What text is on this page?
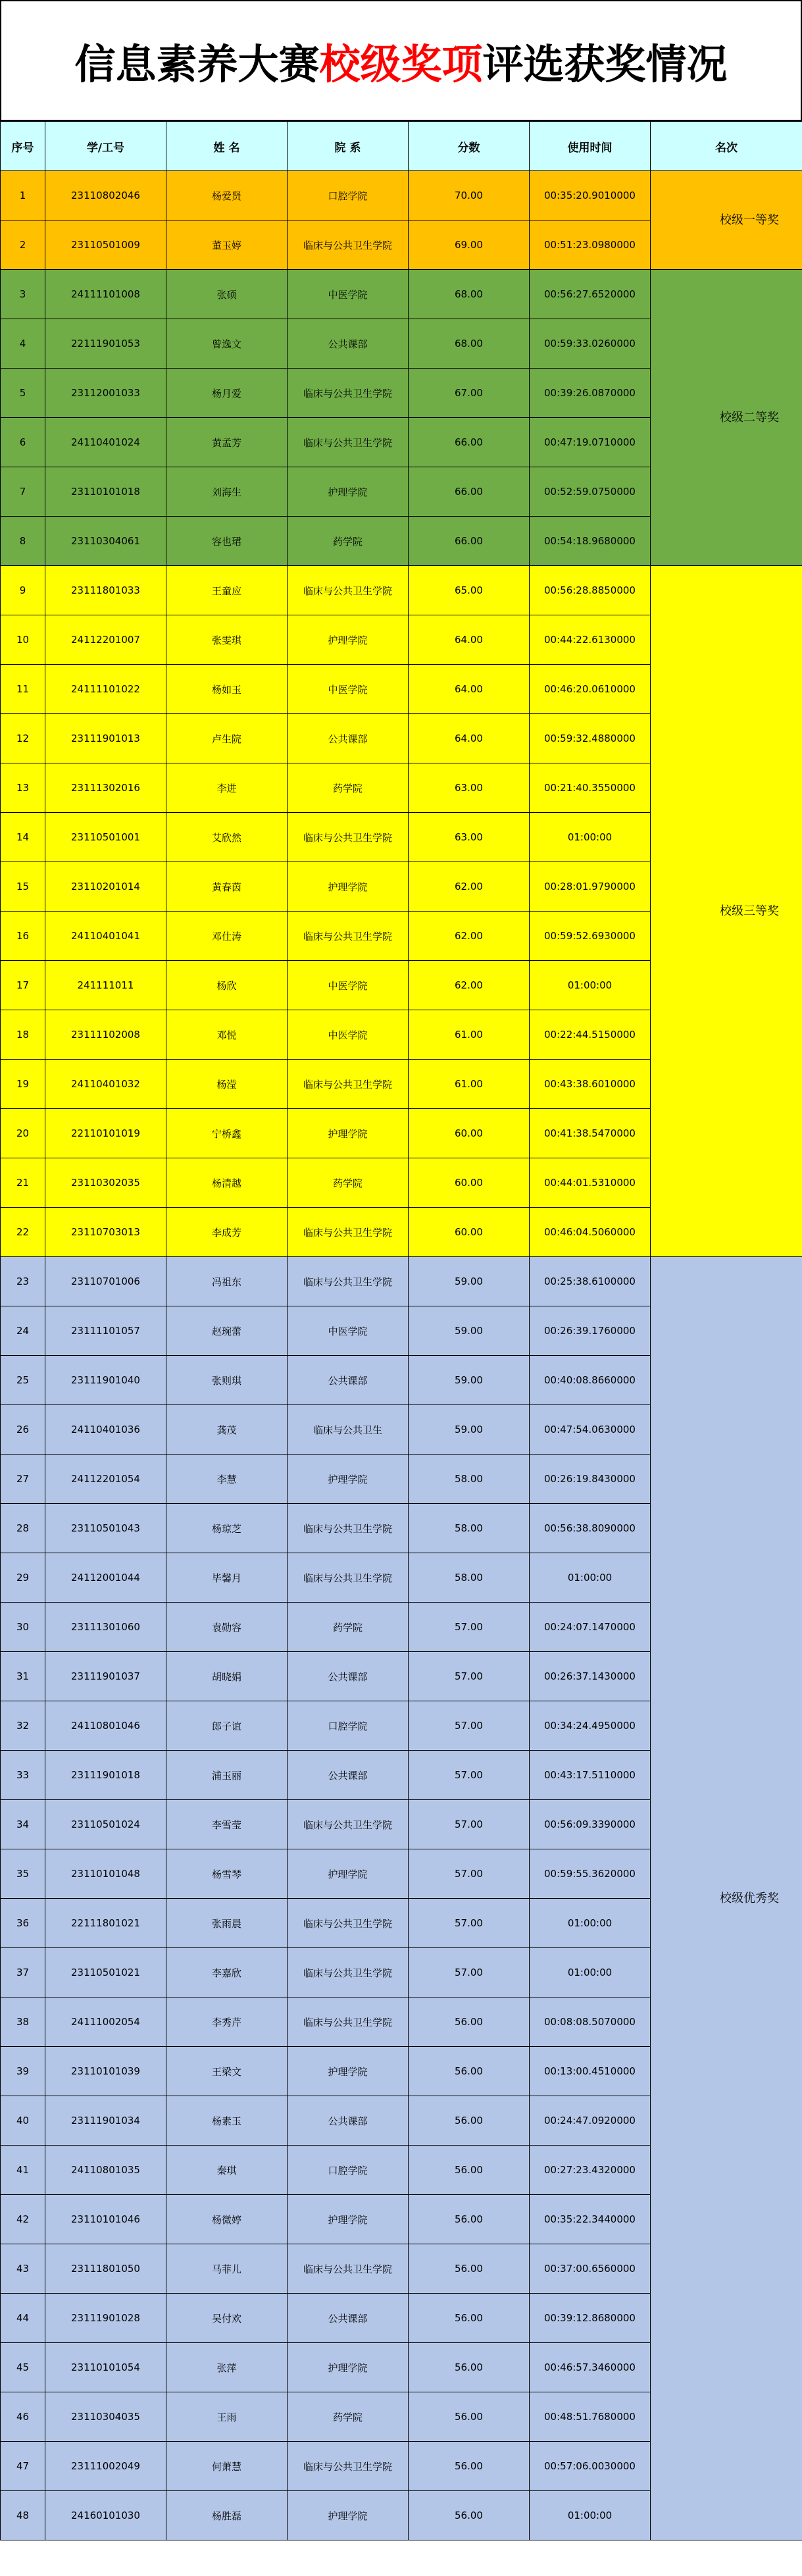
信息素养大赛 校级奖项 评选获奖情况
序号	学/工号	姓 名	院 系	分数	使用时间	名次
1	23110802046	杨爱贤	口腔学院	70.00	00:35:20.9010000	校级一等奖
2	23110501009	董玉婷	临床与公共卫生学院	69.00	00:51:23.0980000	
3	24111101008	张硕	中医学院	68.00	00:56:27.6520000	校级二等奖
4	22111901053	曾逸文	公共课部	68.00	00:59:33.0260000	
5	23112001033	杨月爱	临床与公共卫生学院	67.00	00:39:26.0870000	
6	24110401024	黄孟芳	临床与公共卫生学院	66.00	00:47:19.0710000	
7	23110101018	刘海生	护理学院	66.00	00:52:59.0750000	
8	23110304061	容也珺	药学院	66.00	00:54:18.9680000	
9	23111801033	王童应	临床与公共卫生学院	65.00	00:56:28.8850000	校级三等奖
10	24112201007	张雯琪	护理学院	64.00	00:44:22.6130000	
11	24111101022	杨如玉	中医学院	64.00	00:46:20.0610000	
12	23111901013	卢生院	公共课部	64.00	00:59:32.4880000	
13	23111302016	李进	药学院	63.00	00:21:40.3550000	
14	23110501001	艾欣然	临床与公共卫生学院	63.00	01:00:00	
15	23110201014	黄春茵	护理学院	62.00	00:28:01.9790000	
16	24110401041	邓仕涛	临床与公共卫生学院	62.00	00:59:52.6930000	
17	241111011	杨欣	中医学院	62.00	01:00:00	
18	23111102008	邓悦	中医学院	61.00	00:22:44.5150000	
19	24110401032	杨滢	临床与公共卫生学院	61.00	00:43:38.6010000	
20	22110101019	宁桥鑫	护理学院	60.00	00:41:38.5470000	
21	23110302035	杨清越	药学院	60.00	00:44:01.5310000	
22	23110703013	李成芳	临床与公共卫生学院	60.00	00:46:04.5060000	
23	23110701006	冯祖东	临床与公共卫生学院	59.00	00:25:38.6100000	校级优秀奖
24	23111101057	赵琬蕾	中医学院	59.00	00:26:39.1760000	
25	23111901040	张则琪	公共课部	59.00	00:40:08.8660000	
26	24110401036	龚茂	临床与公共卫生	59.00	00:47:54.0630000	
27	24112201054	李慧	护理学院	58.00	00:26:19.8430000	
28	23110501043	杨琼芝	临床与公共卫生学院	58.00	00:56:38.8090000	
29	24112001044	毕馨月	临床与公共卫生学院	58.00	01:00:00	
30	23111301060	袁勋容	药学院	57.00	00:24:07.1470000	
31	23111901037	胡晓娟	公共课部	57.00	00:26:37.1430000	
32	24110801046	郎子谊	口腔学院	57.00	00:34:24.4950000	
33	23111901018	浦玉丽	公共课部	57.00	00:43:17.5110000	
34	23110501024	李雪莹	临床与公共卫生学院	57.00	00:56:09.3390000	
35	23110101048	杨雪琴	护理学院	57.00	00:59:55.3620000	
36	22111801021	张雨晨	临床与公共卫生学院	57.00	01:00:00	
37	23110501021	李嘉欣	临床与公共卫生学院	57.00	01:00:00	
38	24111002054	李秀芹	临床与公共卫生学院	56.00	00:08:08.5070000	
39	23110101039	王梁文	护理学院	56.00	00:13:00.4510000	
40	23111901034	杨素玉	公共课部	56.00	00:24:47.0920000	
41	24110801035	秦琪	口腔学院	56.00	00:27:23.4320000	
42	23110101046	杨微婷	护理学院	56.00	00:35:22.3440000	
43	23111801050	马菲儿	临床与公共卫生学院	56.00	00:37:00.6560000	
44	23111901028	吴付欢	公共课部	56.00	00:39:12.8680000	
45	23110101054	张萍	护理学院	56.00	00:46:57.3460000	
46	23110304035	王雨	药学院	56.00	00:48:51.7680000	
47	23111002049	何萧慧	临床与公共卫生学院	56.00	00:57:06.0030000	
48	24160101030	杨胜磊	护理学院	56.00	01:00:00	
